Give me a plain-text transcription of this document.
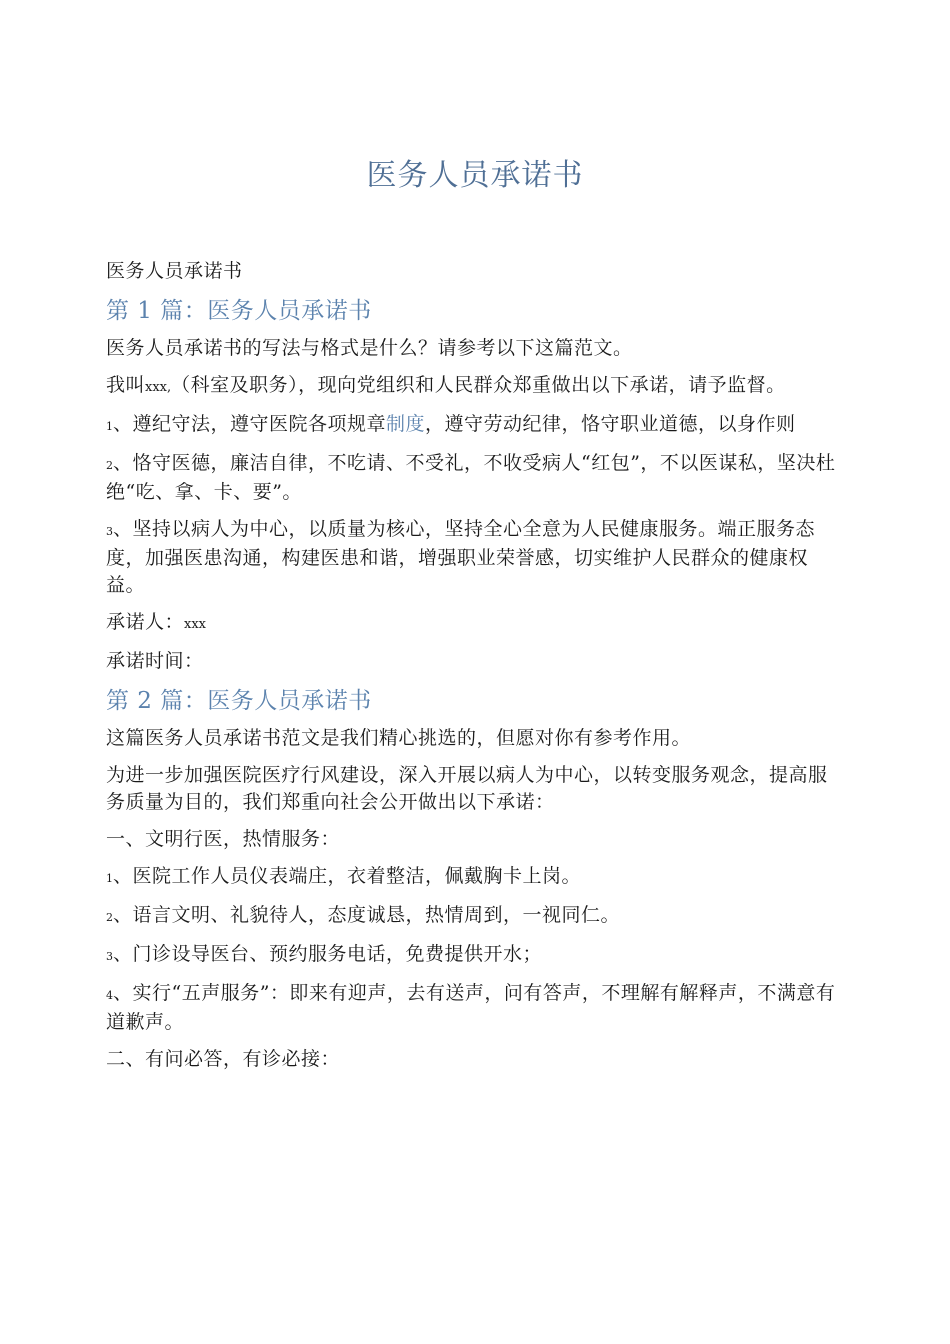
医务人员承诺书

医务人员承诺书

第 1 篇：医务人员承诺书

医务人员承诺书的写法与格式是什么？请参考以下这篇范文。

我叫xxx,（科室及职务），现向党组织和人民群众郑重做出以下承诺，请予监督。

1、遵纪守法，遵守医院各项规章制度，遵守劳动纪律，恪守职业道德，以身作则

2、恪守医德，廉洁自律，不吃请、不受礼，不收受病人“红包”，不以医谋私，坚决杜绝“吃、拿、卡、要”。

3、坚持以病人为中心，以质量为核心，坚持全心全意为人民健康服务。端正服务态度，加强医患沟通，构建医患和谐，增强职业荣誉感，切实维护人民群众的健康权益。

承诺人：xxx

承诺时间：

第 2 篇：医务人员承诺书

这篇医务人员承诺书范文是我们精心挑选的，但愿对你有参考作用。

为进一步加强医院医疗行风建设，深入开展以病人为中心，以转变服务观念，提高服务质量为目的，我们郑重向社会公开做出以下承诺：

一、文明行医，热情服务：

1、医院工作人员仪表端庄，衣着整洁，佩戴胸卡上岗。

2、语言文明、礼貌待人，态度诚恳，热情周到，一视同仁。

3、门诊设导医台、预约服务电话，免费提供开水；

4、实行“五声服务”：即来有迎声，去有送声，问有答声，不理解有解释声，不满意有道歉声。

二、有问必答，有诊必接：
